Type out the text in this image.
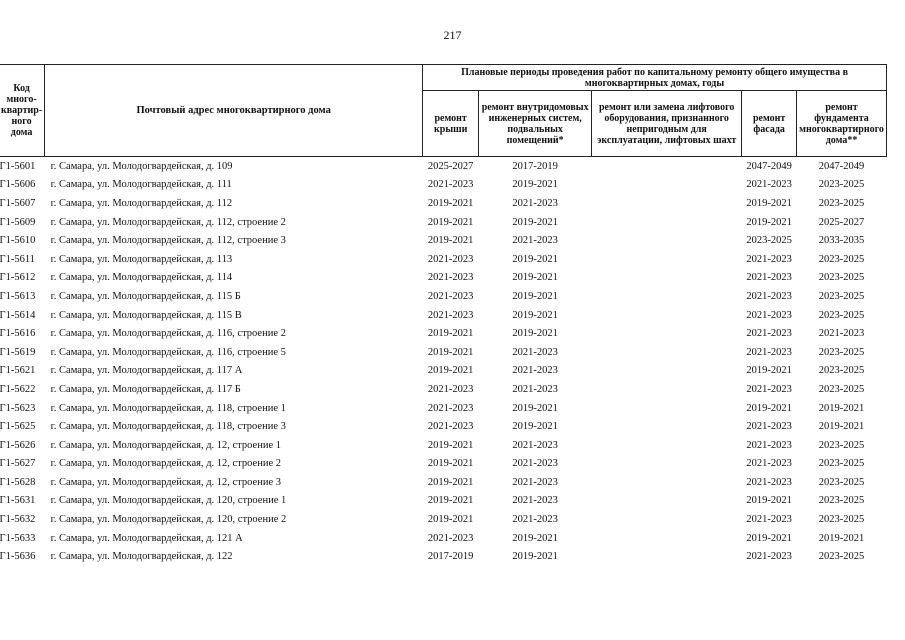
217
Код
много-
квартир-
ного
дома	Почтовый адрес многоквартирного дома	Плановые периоды проведения работ по капитальному ремонту общего имущества в многоквартирных домах, годы				
		ремонт крыши	ремонт внутридомовых инженерных систем, подвальных помещений*	ремонт или замена лифтового оборудования, признанного непригодным для эксплуатации, лифтовых шахт	ремонт фасада	ремонт фундамента многоквартирного дома**
Г1-5601	г. Самара, ул. Молодогвардейская, д. 109	2025-2027	2017-2019		2047-2049	2047-2049
Г1-5606	г. Самара, ул. Молодогвардейская, д. 111	2021-2023	2019-2021		2021-2023	2023-2025
Г1-5607	г. Самара, ул. Молодогвардейская, д. 112	2019-2021	2021-2023		2019-2021	2023-2025
Г1-5609	г. Самара, ул. Молодогвардейская, д. 112, строение 2	2019-2021	2019-2021		2019-2021	2025-2027
Г1-5610	г. Самара, ул. Молодогвардейская, д. 112, строение 3	2019-2021	2021-2023		2023-2025	2033-2035
Г1-5611	г. Самара, ул. Молодогвардейская, д. 113	2021-2023	2019-2021		2021-2023	2023-2025
Г1-5612	г. Самара, ул. Молодогвардейская, д. 114	2021-2023	2019-2021		2021-2023	2023-2025
Г1-5613	г. Самара, ул. Молодогвардейская, д. 115 Б	2021-2023	2019-2021		2021-2023	2023-2025
Г1-5614	г. Самара, ул. Молодогвардейская, д. 115 В	2021-2023	2019-2021		2021-2023	2023-2025
Г1-5616	г. Самара, ул. Молодогвардейская, д. 116, строение 2	2019-2021	2019-2021		2021-2023	2021-2023
Г1-5619	г. Самара, ул. Молодогвардейская, д. 116, строение 5	2019-2021	2021-2023		2021-2023	2023-2025
Г1-5621	г. Самара, ул. Молодогвардейская, д. 117 А	2019-2021	2021-2023		2019-2021	2023-2025
Г1-5622	г. Самара, ул. Молодогвардейская, д. 117 Б	2021-2023	2021-2023		2021-2023	2023-2025
Г1-5623	г. Самара, ул. Молодогвардейская, д. 118, строение 1	2021-2023	2019-2021		2019-2021	2019-2021
Г1-5625	г. Самара, ул. Молодогвардейская, д. 118, строение 3	2021-2023	2019-2021		2021-2023	2019-2021
Г1-5626	г. Самара, ул. Молодогвардейская, д. 12, строение 1	2019-2021	2021-2023		2021-2023	2023-2025
Г1-5627	г. Самара, ул. Молодогвардейская, д. 12, строение 2	2019-2021	2021-2023		2021-2023	2023-2025
Г1-5628	г. Самара, ул. Молодогвардейская, д. 12, строение 3	2019-2021	2021-2023		2021-2023	2023-2025
Г1-5631	г. Самара, ул. Молодогвардейская, д. 120, строение 1	2019-2021	2021-2023		2019-2021	2023-2025
Г1-5632	г. Самара, ул. Молодогвардейская, д. 120, строение 2	2019-2021	2021-2023		2021-2023	2023-2025
Г1-5633	г. Самара, ул. Молодогвардейская, д. 121 А	2021-2023	2019-2021		2019-2021	2019-2021
Г1-5636	г. Самара, ул. Молодогвардейская, д. 122	2017-2019	2019-2021		2021-2023	2023-2025
